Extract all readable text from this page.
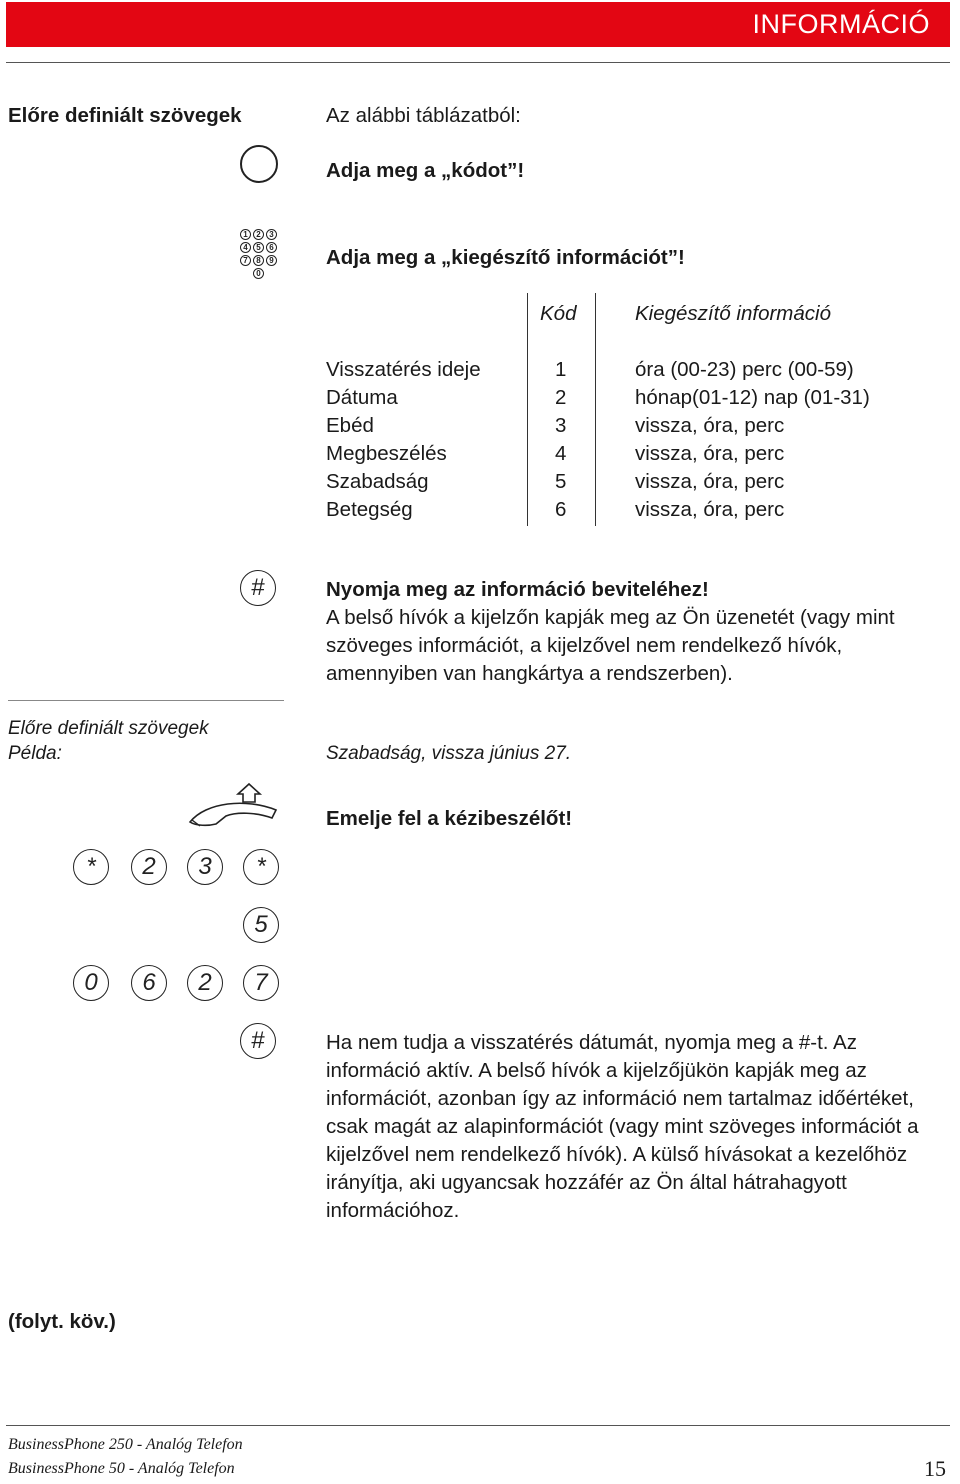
INFORMÁCIÓ
Előre definiált szövegek	Az alábbi táblázatból:
Adja meg a „kódot”!
1	2	3
4	5	6
7	8	9
0
Adja meg a „kiegészítő információt”!
Kód	Kiegészítő információ
Visszatérés ideje	1	óra (00-23) perc (00-59)
Dátuma	2	hónap(01-12) nap (01-31)
Ebéd	3	vissza, óra, perc
Megbeszélés	4	vissza, óra, perc
Szabadság	5	vissza, óra, perc
Betegség	6	vissza, óra, perc
#	Nyomja meg az információ beviteléhez!
A belső hívók a kijelzőn kapják meg az Ön üzenetét (vagy mint szöveges információt, a kijelzővel nem rendelkező hívók, amennyiben van hangkártya a rendszerben).
Előre definiált szövegek
Példa:	Szabadság, vissza június 27.
Emelje fel a kézibeszélőt!
*	2	3	*
5
0	6	2	7
#	Ha nem tudja a visszatérés dátumát, nyomja meg a #-t. Az információ aktív. A belső hívók a kijelzőjükön kapják meg az információt, azonban így az információ nem tartalmaz időértéket, csak magát az alapinformációt (vagy mint szöveges információt a kijelzővel nem rendelkező hívók). A külső hívásokat a kezelőhöz irányítja, aki ugyancsak hozzáfér az Ön által hátrahagyott információhoz.
(folyt. köv.)
BusinessPhone 250 - Analóg Telefon
BusinessPhone 50 - Analóg Telefon	15
